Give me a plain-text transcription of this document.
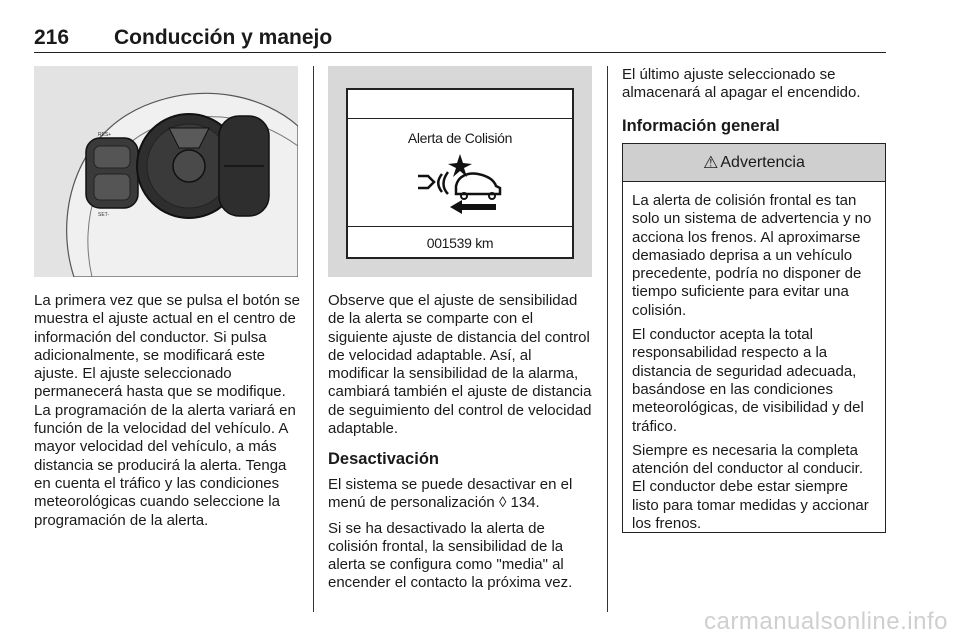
216 Conducción y manejo
RES+
SET-
Alerta de Colisión
001539 km

La primera vez que se pulsa el botón se muestra el ajuste actual en el centro de información del conductor. Si pulsa adicionalmente, se modificará este ajuste. El ajuste seleccionado permanecerá hasta que se modifique. La programación de la alerta variará en función de la velocidad del vehículo. A mayor velocidad del vehículo, a más distancia se producirá la alerta. Tenga en cuenta el tráfico y las condiciones meteorológicas cuando seleccione la programación de la alerta.

Observe que el ajuste de sensibilidad de la alerta se comparte con el siguiente ajuste de distancia del control de velocidad adaptable. Así, al modificar la sensibilidad de la alarma, cambiará también el ajuste de distancia de seguimiento del control de velocidad adaptable.

Desactivación

El sistema se puede desactivar en el menú de personalización ◊ 134.

Si se ha desactivado la alerta de colisión frontal, la sensibilidad de la alerta se configura como "media" al encender el contacto la próxima vez.

El último ajuste seleccionado se almacenará al apagar el encendido.

Información general
⚠ Advertencia

La alerta de colisión frontal es tan solo un sistema de advertencia y no acciona los frenos. Al aproximarse demasiado deprisa a un vehículo precedente, podría no disponer de tiempo suficiente para evitar una colisión.

El conductor acepta la total responsabilidad respecto a la distancia de seguridad adecuada, basándose en las condiciones meteorológicas, de visibilidad y del tráfico.

Siempre es necesaria la completa atención del conductor al conducir. El conductor debe estar siempre listo para tomar medidas y accionar los frenos.

carmanualsonline.info
